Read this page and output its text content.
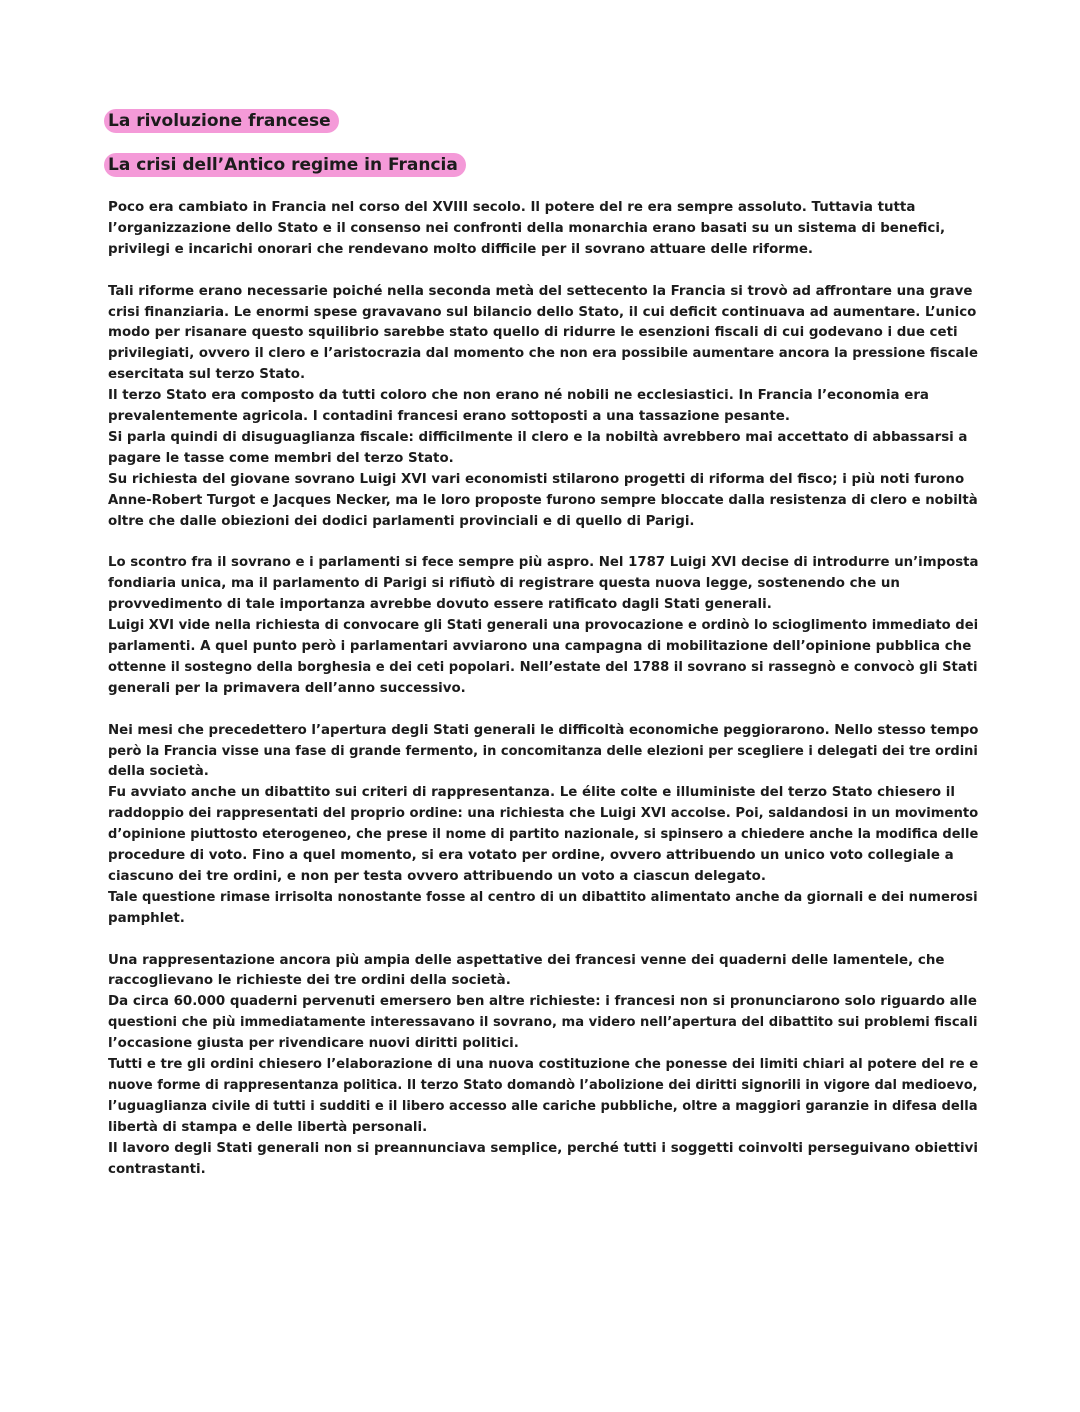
La rivoluzione francese
La crisi dell’Antico regime in Francia

Poco era cambiato in Francia nel corso del XVIII secolo. Il potere del re era sempre assoluto. Tuttavia tutta
l’organizzazione dello Stato e il consenso nei confronti della monarchia erano basati su un sistema di benefici,
privilegi e incarichi onorari che rendevano molto difficile per il sovrano attuare delle riforme.

Tali riforme erano necessarie poiché nella seconda metà del settecento la Francia si trovò ad affrontare una grave
crisi finanziaria. Le enormi spese gravavano sul bilancio dello Stato, il cui deficit continuava ad aumentare. L’unico
modo per risanare questo squilibrio sarebbe stato quello di ridurre le esenzioni fiscali di cui godevano i due ceti
privilegiati, ovvero il clero e l’aristocrazia dal momento che non era possibile aumentare ancora la pressione fiscale
esercitata sul terzo Stato.
Il terzo Stato era composto da tutti coloro che non erano né nobili ne ecclesiastici. In Francia l’economia era
prevalentemente agricola. I contadini francesi erano sottoposti a una tassazione pesante.
Si parla quindi di disuguaglianza fiscale: difficilmente il clero e la nobiltà avrebbero mai accettato di abbassarsi a
pagare le tasse come membri del terzo Stato.
Su richiesta del giovane sovrano Luigi XVI vari economisti stilarono progetti di riforma del fisco; i più noti furono
Anne-Robert Turgot e Jacques Necker, ma le loro proposte furono sempre bloccate dalla resistenza di clero e nobiltà
oltre che dalle obiezioni dei dodici parlamenti provinciali e di quello di Parigi.

Lo scontro fra il sovrano e i parlamenti si fece sempre più aspro. Nel 1787 Luigi XVI decise di introdurre un’imposta
fondiaria unica, ma il parlamento di Parigi si rifiutò di registrare questa nuova legge, sostenendo che un
provvedimento di tale importanza avrebbe dovuto essere ratificato dagli Stati generali.
Luigi XVI vide nella richiesta di convocare gli Stati generali una provocazione e ordinò lo scioglimento immediato dei
parlamenti. A quel punto però i parlamentari avviarono una campagna di mobilitazione dell’opinione pubblica che
ottenne il sostegno della borghesia e dei ceti popolari. Nell’estate del 1788 il sovrano si rassegnò e convocò gli Stati
generali per la primavera dell’anno successivo.

Nei mesi che precedettero l’apertura degli Stati generali le difficoltà economiche peggiorarono. Nello stesso tempo
però la Francia visse una fase di grande fermento, in concomitanza delle elezioni per scegliere i delegati dei tre ordini
della società.
Fu avviato anche un dibattito sui criteri di rappresentanza. Le élite colte e illuministe del terzo Stato chiesero il
raddoppio dei rappresentati del proprio ordine: una richiesta che Luigi XVI accolse. Poi, saldandosi in un movimento
d’opinione piuttosto eterogeneo, che prese il nome di partito nazionale, si spinsero a chiedere anche la modifica delle
procedure di voto. Fino a quel momento, si era votato per ordine, ovvero attribuendo un unico voto collegiale a
ciascuno dei tre ordini, e non per testa ovvero attribuendo un voto a ciascun delegato.
Tale questione rimase irrisolta nonostante fosse al centro di un dibattito alimentato anche da giornali e dei numerosi
pamphlet.

Una rappresentazione ancora più ampia delle aspettative dei francesi venne dei quaderni delle lamentele, che
raccoglievano le richieste dei tre ordini della società.
Da circa 60.000 quaderni pervenuti emersero ben altre richieste: i francesi non si pronunciarono solo riguardo alle
questioni che più immediatamente interessavano il sovrano, ma videro nell’apertura del dibattito sui problemi fiscali
l’occasione giusta per rivendicare nuovi diritti politici.
Tutti e tre gli ordini chiesero l’elaborazione di una nuova costituzione che ponesse dei limiti chiari al potere del re e
nuove forme di rappresentanza politica. Il terzo Stato domandò l’abolizione dei diritti signorili in vigore dal medioevo,
l’uguaglianza civile di tutti i sudditi e il libero accesso alle cariche pubbliche, oltre a maggiori garanzie in difesa della
libertà di stampa e delle libertà personali.
Il lavoro degli Stati generali non si preannunciava semplice, perché tutti i soggetti coinvolti perseguivano obiettivi
contrastanti.
